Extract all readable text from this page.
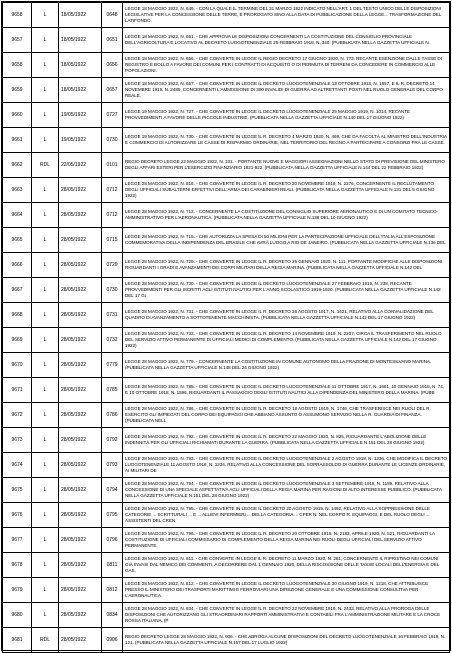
9658	L	18/05/1922	0648	LEGGE 18 MAGGIO 1922, N. 649. - CON LA QUALE IL TERMINE DEL 31 MARZO 1922 INDICATO NELL'ART. 1 DEL TESTO UNICO DELLE DISPOSIZIONI LEGISLATIVE PER LA CONCESSIONE DELLE TERRE, È PROROGATO SINO ALLA DATA DI PUBBLICAZIONE DELLA LEGGE... TRASFORMAZIONE DEL LATIFONDO.

9657	L	18/05/1922	0651	LEGGE 18 MAGGIO 1922, N. 651. - CHE APPROVA LE DISPOSIZIONI CONCERNENTI LA COSTITUZIONE DEL CONSIGLIO PROVINCIALE DELL'AGRICOLTURA E LOCATIVO AL DECRETO LUOGOTENENZIALE 25 FEBBRAIO 1918, N. 340. (PUBBLICATA NELLA GAZZETTA UFFICIALE N.

9658	L	18/05/1922	0656	LEGGE 18 MAGGIO 1922, N. 656. - CHE CONVERTE IN LEGGE IL REGIO DECRETO 17 GIUGNO 1920, N. 773, RECANTE ESENZIONE DALLE TASSE DI REGISTRO E BOLLO A FAVORE DEI COMUNI PER I CONTRATTI DI ACQUISTO O DI PERMUTA DI TERRENI DA CONCEDERE IN COMMERCIO ALLE POPOLAZIONI.

9659	L	18/05/1922	0657	LEGGE 18 MAGGIO 1922, N. 657. - CHE CONVERTE IN LEGGE IL DECRETO LUOGOTENENZIALE 13 OTTOBRE 1918, N. 1657, E IL R. DECRETO 14 NOVEMBRE 1919, N. 2489, CONCERNENTI L'AMMISSIONE DI 300 INVALIDI DI GUERRA AD ALTRETTANTI POSTI NEL RUOLO GENERALE DEL CORPO REALE.

9660	L	19/05/1922	0727	LEGGE 19 MAGGIO 1922, N. 727. - CHE CONVERTE IN LEGGE IL DECRETO LUOGOTENENZIALE 25 MAGGIO 1919, N. 1014, RECANTE PROVVEDIMENTI A FAVORE DELLE PICCOLE INDUSTRIE. (PUBBLICATA NELLA GAZZETTA UFFICIALE N.140 DEL 17 GIUGNO 1922)

9661	L	19/05/1922	0730	LEGGE 19 MAGGIO 1922, N. 730. - CHE CONVERTE IN LEGGE IL R. DECRETO 4 MARZO 1920, N. 469, CHE DA FACOLTÀ AL MINISTRO DELL'INDUSTRIA E COMMERCIO DI AUTORIZZARE LE CASSE DI RISPARMIO ORDINARIE, NEL TERRITORIO DEL REGNO A PARTECIPARE A CONSORZI FRA LE CASSE.

9662	RDL	22/05/1922	0101	REGIO DECRETO LEGGE 22 MAGGIO 1922, N. 101. - PORTANTE NUOVE E MAGGIORI ASSEGNAZIONI NELLO STATO DI PREVISIONE DEL MINISTERO DEGLI AFFARI ESTERI PER L'ESERCIZIO FINANZIARIO 1921-922. (PUBBLICATA NELLA GAZZETTA UFFICIALE N.144 DEL 22 FEBBRAIO 1922)

9663	L	28/05/1922	0712	LEGGE 28 MAGGIO 1922, N. 816. - CHE CONVERTE IN LEGGE IL R. DECRETO 20 NOVEMBRE 1919, N. 2276, CONCERNENTE IL RECLUTAMENTO DEGLI UFFICIALI SUBALTERNI EFFETTIVI DELL'ARMA DEI CARABINIERI REALI. (PUBBLICATA NELLA GAZZETTA UFFICIALE N.131 DEL 5 GIUGNO 1922)

9664	L	28/05/1922	0712	LEGGE 28 MAGGIO 1922, N. 712. - CONCERNENTE LA COSTITUZIONE DEL CONSIGLIO SUPERIORE AERONAUTICO E DI UN COMITATO TECNICO-AMMINISTRATIVO PER L'AERONAUTICA. (PUBBLICATA NELLA GAZZETTA UFFICIALE N.138 DEL 10 GIUGNO 1922)

9665	L	28/05/1922	0715	LEGGE 28 MAGGIO 1922, N. 715. - CHE AUTORIZZA LA SPESA DI 50 MILIONI PER LA PARTECIPAZIONE UFFICIALE DELL'ITALIA ALL'ESPOSIZIONE COMMEMORATIVA DELLA INDIPENDENZA DEL BRASILE CHE AVRÀ LUOGO A RIO DE JANEIRO. (PUBBLICATA NELLA GAZZETTA UFFICIALE N.136 DEL

9666	L	28/05/1922	0729	LEGGE 28 MAGGIO 1922, N. 729. - CHE CONVERTE IN LEGGE IL R. DECRETO 25 GENNAIO 1920, N. 111, PORTANTE MODIFICHE ALLE DISPOSIZIONI RIGUARDANTI I GRADI E AVANZAMENTI DEI CORPI MILITARI DELLA REGIA MARINA. (PUBBLICATA NELLA GAZZETTA UFFICIALE N.142 DEL

9667	L	28/05/1922	0730	LEGGE 28 MAGGIO 1922, N. 730. - CHE CONVERTE IN LEGGE IL DECRETO LUOGOTENENZIALE 27 FEBBRAIO 1919, N. 238, RECANTE PROVVEDIMENTI PER GLI ISCRITTI AGLI ISTITUTI NAUTICI PER L'ANNO SCOLASTICO 1919-1920. (PUBBLICATA NELLA GAZZETTA UFFICIALE N.142 DEL 17 GI

9668	L	28/05/1922	0731	LEGGE 28 MAGGIO 1922, N. 731. - CHE CONVERTE IN LEGGE IL R. DECRETO 26 AGOSTO 1917, N. 1421, RELATIVO ALLA CONVALIDAZIONE DEL QUADRO DI AVANZAMENTO A SOTTOTENENTE MACCHINISTA. (PUBBLICATA NELLA GAZZETTA UFFICIALE N.142 DEL 17 GIUGNO 1922)

9669	L	28/05/1922	0732	LEGGE 28 MAGGIO 1922, N. 732. - CHE CONVERTE IN LEGGE IL R. DECRETO 14 NOVEMBRE 1919, N. 2207, CIRCA IL TRASFERIMENTO NEL RUOLO DEL SERVIZIO ATTIVO PERMANENTE DI UFFICIALI MEDICI DI COMPLEMENTO. (PUBBLICATA NELLA GAZZETTA UFFICIALE N.142 DEL 17 GIUGNO 1922)

9670	L	28/05/1922	0779	LEGGE 28 MAGGIO 1922, N. 779. - CONCERNENTE LA COSTITUZIONE IN COMUNE AUTONOMO DELLA FRAZIONE DI MONTESILVANO MARINA. (PUBBLICATA NELLA GAZZETTA UFFICIALE N.148 DEL 24 GIUGNO 1922)

9671	L	28/05/1922	0785	LEGGE 28 MAGGIO 1922, N. 785. - CHE CONVERTE IN LEGGE IL DECRETO LUOGOTENENZIALE 11 OTTOBRE 1917, N. 1661, 10 GENNAIO 1918, N. 74, E 10 OTTOBRE 1918, N. 1596, RIGUARDANTI IL PASSAGGIO DEGLI ISTITUTI NAUTICI ALLA DIPENDENZA DEL MINISTERO DELLA MARINA. (PUBB

9672	L	28/05/1922	0786	LEGGE 28 MAGGIO 1922, N. 786. - CHE CONVERTE IN LEGGE IL R. DECRETO 18 AGOSTO 1919, N. 1746, CHE TRASFERISCE NEI RUOLI DEL R. ESERCITO GLI IMPIEGATI DEL CORPO DEI EQUIPAGGI CHE ABBIANO ASSUNTO O ASSUMONO SERVIZIO NELLA R. GUARDIA DI FINANZA. (PUBBLICATA NELL

9673	L	28/05/1922	0792	LEGGE 28 MAGGIO 1922, N. 792. - CHE CONVERTE IN LEGGE IL R. DECRETO 22 MAGGIO 1920, N. 825, RIGUARDANTE L'ABOLIZIONE DELLE INDENNITÀ PER GLI UFFICIALI RICHIAMATI DURANTE LA GUERRA. (PUBBLICATA NELLA GAZZETTA UFFICIALE N.151 DEL 28 GIUGNO 1922)

9674	L	28/05/1922	0793	LEGGE 28 MAGGIO 1922, N. 793. - CHE CONVERTE IN LEGGE IL DECRETO LUOGOTENENZIALE 2 AGOSTO 1918, N. 1236, CHE MODIFICA IL DECRETO LUOGOTENENZIALE 11 AGOSTO 1918, N. 1234, RELATIVO ALLA CONCESSIONE DEL SOPRASSOLDO DI GUERRA DURANTE LE LICENZE ORDINARIE, AI MILITARI DE

9675	L	28/05/1922	0794	LEGGE 28 MAGGIO 1922, N. 794. - CHE CONVERTE IN LEGGE IL DECRETO LUOGOTENENZIALE 3 SETTEMBRE 1918, N. 1189, RELATIVO ALLA CONCESSIONE DI UNA SPECIALE ASPETTATIVA AGLI UFFICIALI DELLA REGIA MARINA PER RAGIONI DI ALTO INTERESSE PUBBLICO. (PUBBLICATA NELLA GAZZETTA UFFICIALE N.151 DEL 28 GIUGNO 1922)

9676	L	28/05/1922	0795	LEGGE 28 MAGGIO 1922, N. 795. - CHE CONVERTE IN LEGGE IL DECRETO 20 AGOSTO 1919, N. 1492, RELATIVO ALLA SOPPRESSIONE DELLE CATEGORIE ... SCRITTURALI ... E ... ALLIEVI INFERMIERI ... DELLA CATEGORIA ... CPER N. NEL CORPO R. EQUIPAGGI, E DEL RUOLO DEGLI ... ASSISTENTI DEL CREN

9677	L	28/05/1922	0796	LEGGE 28 MAGGIO 1922, N. 796. - CHE CONVERTE IN LEGGE IL R. DECRETO 20 OTTOBRE 1919, N. 2183, APRILE 1920, N. 521, RIGUARDANTI LA COSTITUZIONE DI UFFICIALI COMMISSARIO DI COMPLEMENTO DELLA REGIA MARINA NEI RUOLI DEGLI UFFICIALI DEL SERVIZIO ATTIVO PERMANENTE.

9678	L	28/05/1922	0811	LEGGE 28 MAGGIO 1922, N. 811. - CHE CONVERTE IN LEGGE IL R. DECRETO 11 MARZO 1920, N. 281, CONCERNENTE IL RIPRISTINO NEI COMUNI GIÀ INVASI DAL NEMICO DEI COMMENTI, A DECORRERE DAL 1 GENNAIO 1920, DELLA RISCOSSIONE DELLE TASSE LOCALI DELL'ENERGIA E DEL GAS.

9679	L	28/05/1922	0812	LEGGE 28 MAGGIO 1922, N. 812. - CHE CONVERTE IN LEGGE IL DECRETO LUOGOTENENZIALE 30 GIUGNO 1919, N. 1218, CHE ATTRIBUISCE PRESSO IL MINISTERO DEI TRASPORTI MARITTIMI E FERROVIARI UNA DIREZIONE GENERALE E UNA COMMISSIONE CONSULTIVA PER L'AERONAUTICA.

9680	L	28/05/1922	0834	LEGGE 28 MAGGIO 1922, N. 834. - CHE CONVERTE IN LEGGE IL R. DECRETO 22 NOVEMBRE 1919, N. 2433, RELATIVO ALLA PROROGA DELLE DISPOSIZIONI CHE AUTORIZZANO GLI STRAORDINARI RAPPORTI AMMINISTRATIVI E CONTABILI FRA L'AMMINISTRAZIONE MILITARE E LA CROCE ROSSA ITALIANA. (P

9681	RDL	28/05/1922	0906	REGIO DECRETO LEGGE 28 MAGGIO 1922, N. 906. - CHE ABROGA ALCUNE DISPOSIZIONI DEL DECRETO LUOGOTENENZIALE 16 FEBBRAIO 1919, N. 121. (PUBBLICATA NELLA GAZZETTA UFFICIALE N.167 DEL 17 LUGLIO 1922)
